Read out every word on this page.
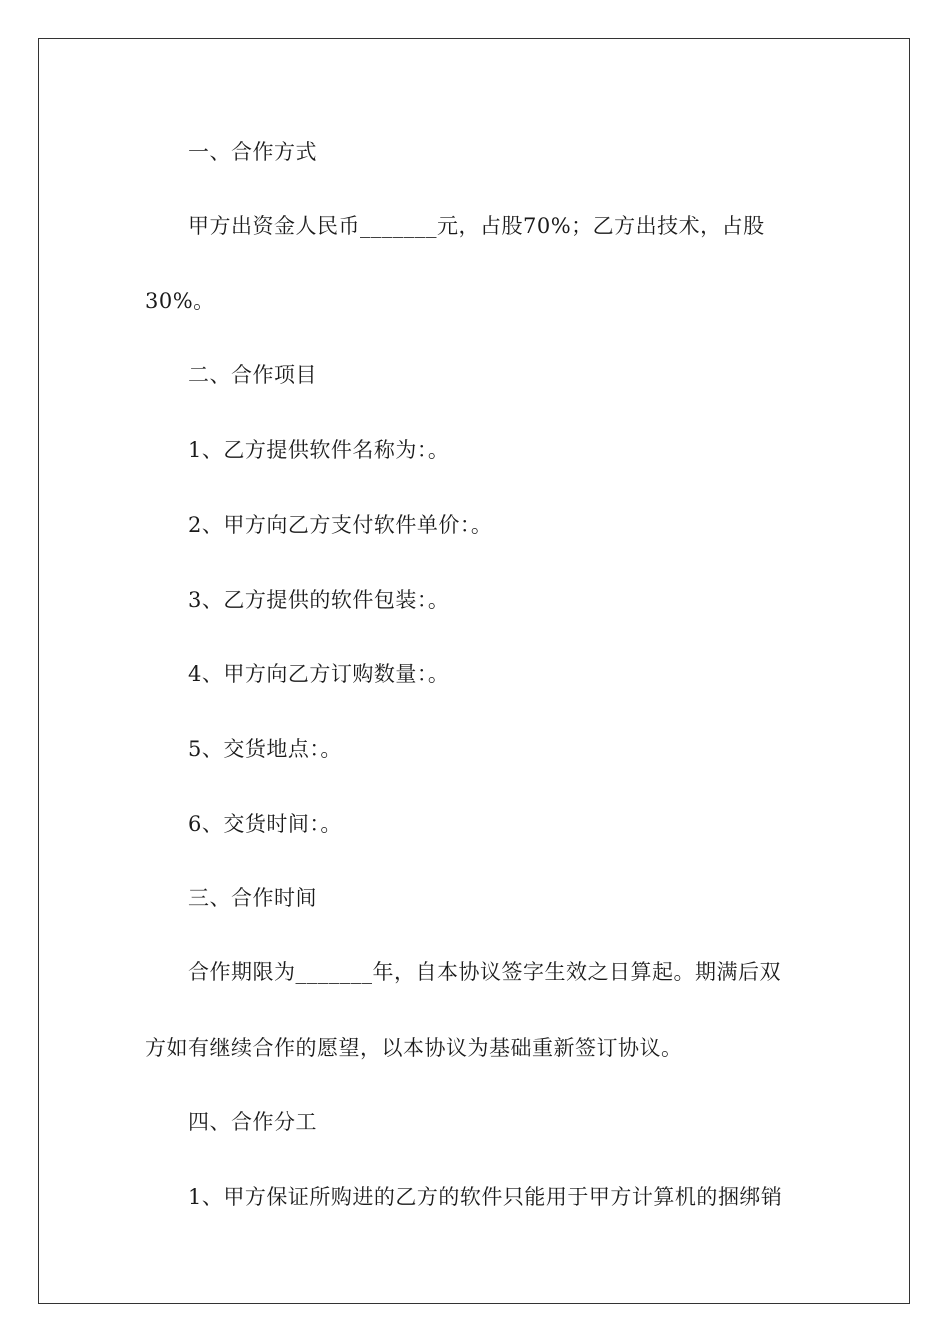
一、合作方式
甲方出资金人民币_______元，占股70%；乙方出技术，占股
30%。
二、合作项目
1、乙方提供软件名称为：。
2、甲方向乙方支付软件单价：。
3、乙方提供的软件包装：。
4、甲方向乙方订购数量：。
5、交货地点：。
6、交货时间：。
三、合作时间
合作期限为_______年，自本协议签字生效之日算起。期满后双
方如有继续合作的愿望，以本协议为基础重新签订协议。
四、合作分工
1、甲方保证所购进的乙方的软件只能用于甲方计算机的捆绑销
